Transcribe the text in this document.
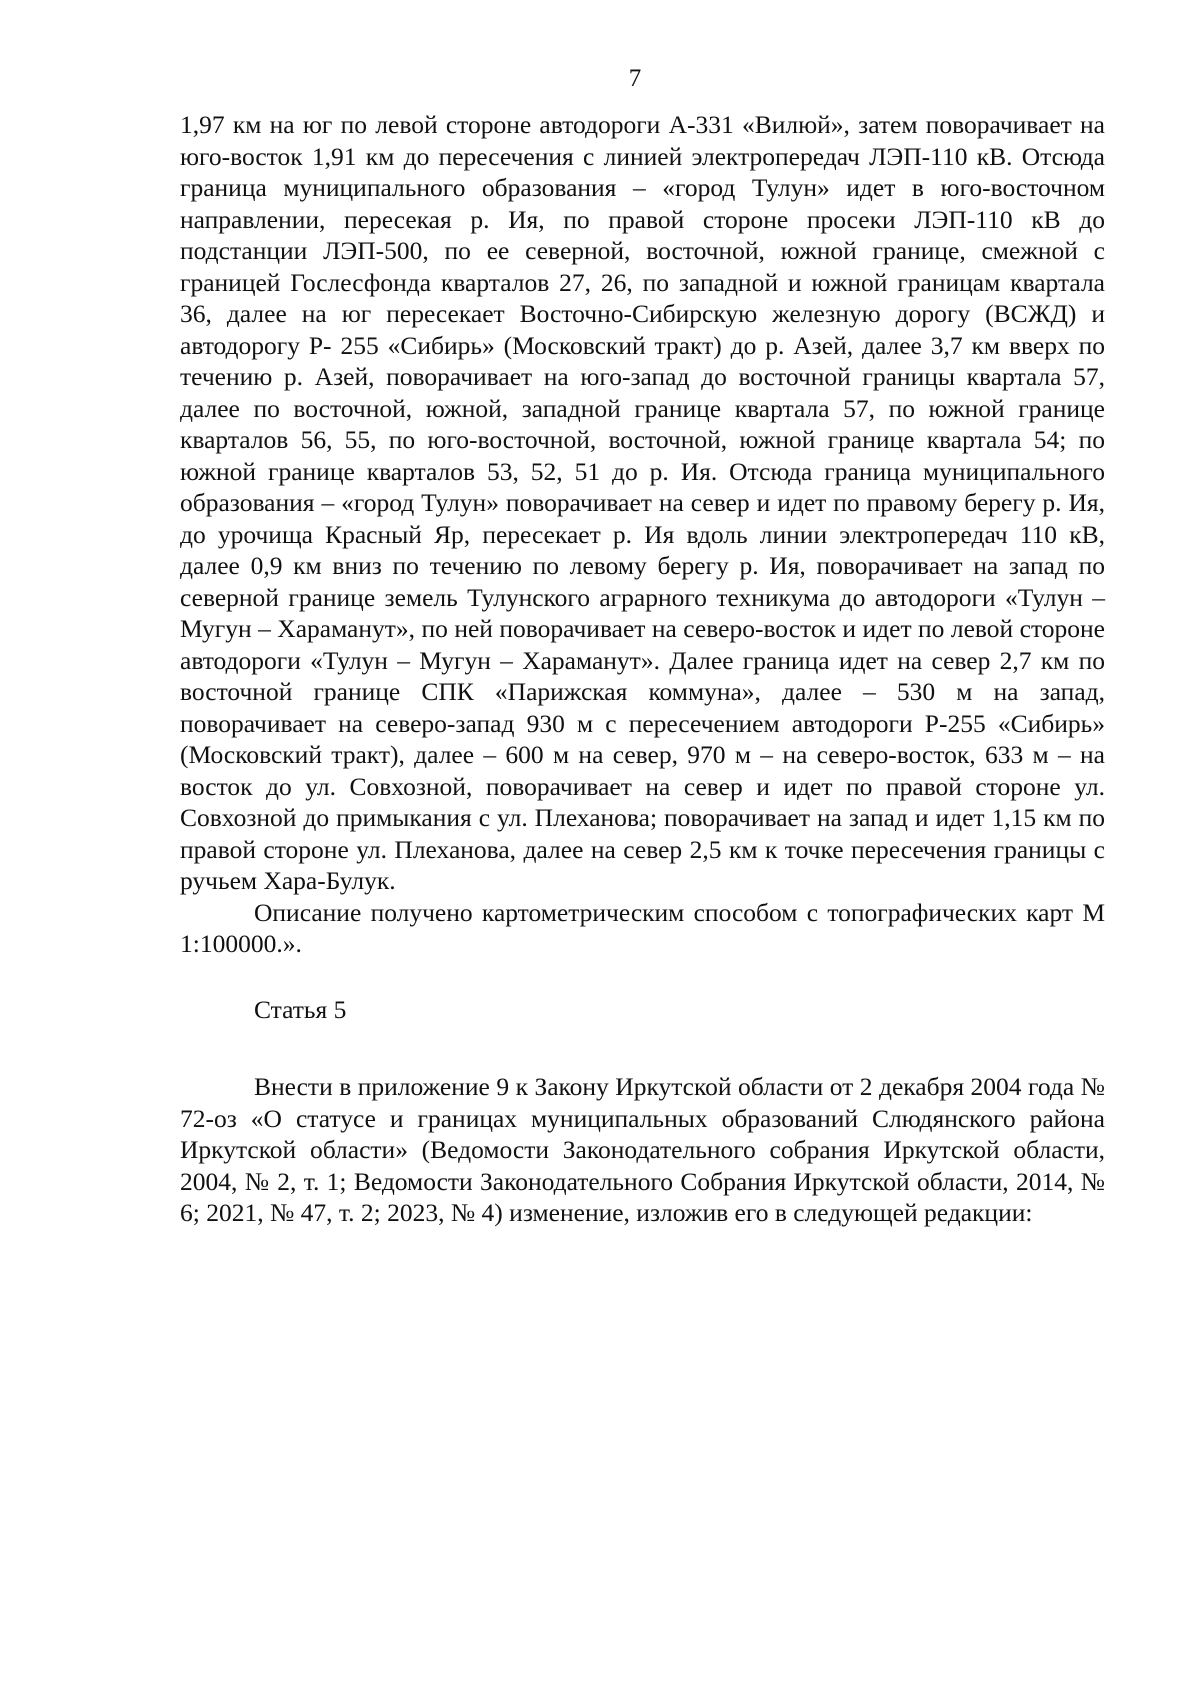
7

1,97 км на юг по левой стороне автодороги А-331 «Вилюй», затем поворачивает на юго-восток 1,91 км до пересечения с линией электропередач ЛЭП-110 кВ. Отсюда граница муниципального образования – «город Тулун» идет в юго-восточном направлении, пересекая р. Ия, по правой стороне просеки ЛЭП-110 кВ до подстанции ЛЭП-500, по ее северной, восточной, южной границе, смежной с границей Гослесфонда кварталов 27, 26, по западной и южной границам квартала 36, далее на юг пересекает Восточно-Сибирскую железную дорогу (ВСЖД) и автодорогу Р- 255 «Сибирь» (Московский тракт) до р. Азей, далее 3,7 км вверх по течению р. Азей, поворачивает на юго-запад до восточной границы квартала 57, далее по восточной, южной, западной границе квартала 57, по южной границе кварталов 56, 55, по юго-восточной, восточной, южной границе квартала 54; по южной границе кварталов 53, 52, 51 до р. Ия. Отсюда граница муниципального образования – «город Тулун» поворачивает на север и идет по правому берегу р. Ия, до урочища Красный Яр, пересекает р. Ия вдоль линии электропередач 110 кВ, далее 0,9 км вниз по течению по левому берегу р. Ия, поворачивает на запад по северной границе земель Тулунского аграрного техникума до автодороги «Тулун – Мугун – Хараманут», по ней поворачивает на северо-восток и идет по левой стороне автодороги «Тулун – Мугун – Хараманут». Далее граница идет на север 2,7 км по восточной границе СПК «Парижская коммуна», далее – 530 м на запад, поворачивает на северо-запад 930 м с пересечением автодороги Р-255 «Сибирь» (Московский тракт), далее – 600 м на север, 970 м – на северо-восток, 633 м – на восток до ул. Совхозной, поворачивает на север и идет по правой стороне ул. Совхозной до примыкания с ул. Плеханова; поворачивает на запад и идет 1,15 км по правой стороне ул. Плеханова, далее на север 2,5 км к точке пересечения границы с ручьем Хара-Булук.

Описание получено картометрическим способом с топографических карт М 1:100000.».

Статья 5

Внести в приложение 9 к Закону Иркутской области от 2 декабря 2004 года № 72-оз «О статусе и границах муниципальных образований Слюдянского района Иркутской области» (Ведомости Законодательного собрания Иркутской области, 2004, № 2, т. 1; Ведомости Законодательного Собрания Иркутской области, 2014, № 6; 2021, № 47, т. 2; 2023, № 4) изменение, изложив его в следующей редакции:
